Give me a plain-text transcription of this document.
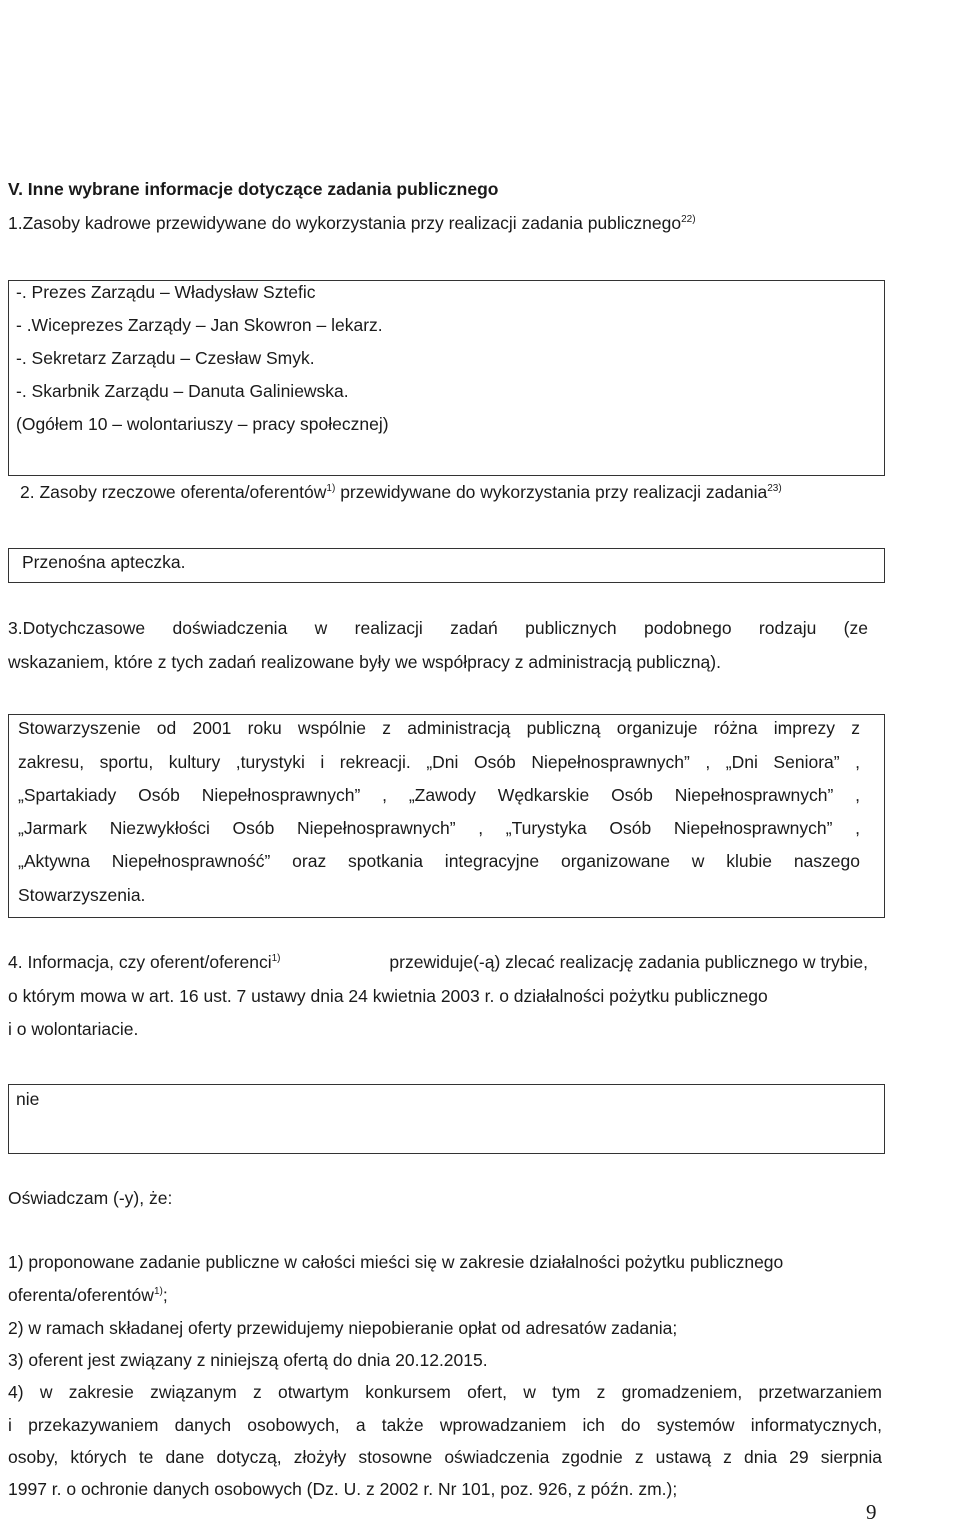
V. Inne wybrane informacje dotyczące zadania publicznego
1.Zasoby kadrowe przewidywane do wykorzystania przy realizacji zadania publicznego$^{22)}$
-. Prezes Zarządu – Władysław Sztefic
- .Wiceprezes Zarządy – Jan Skowron – lekarz.
-. Sekretarz Zarządu – Czesław Smyk.
-. Skarbnik Zarządu – Danuta Galiniewska.
(Ogółem 10 – wolontariuszy – pracy społecznej)
2. Zasoby rzeczowe oferenta/oferentów$^{1)}$ przewidywane do wykorzystania przy realizacji zadania$^{23)}$
Przenośna apteczka.
3.Dotychczasowe doświadczenia w realizacji zadań publicznych podobnego rodzaju (ze
wskazaniem, które z tych zadań realizowane były we współpracy z administracją publiczną).
Stowarzyszenie od 2001 roku wspólnie z administracją publiczną organizuje różna imprezy z
zakresu, sportu, kultury ,turystyki i rekreacji. „Dni Osób Niepełnosprawnych” , „Dni Seniora” ,
„Spartakiady Osób Niepełnosprawnych” , „Zawody Wędkarskie Osób Niepełnosprawnych” ,
„Jarmark Niezwykłości Osób Niepełnosprawnych” , „Turystyka Osób Niepełnosprawnych” ,
„Aktywna Niepełnosprawność” oraz spotkania integracyjne organizowane w klubie naszego
Stowarzyszenia.
4. Informacja, czy oferent/oferenci$^{1)}$	przewiduje(-ą) zlecać realizację zadania publicznego w trybie,
o którym mowa w art. 16 ust. 7 ustawy dnia 24 kwietnia 2003 r. o działalności pożytku publicznego
i o wolontariacie.
nie
Oświadczam (-y), że:
1) proponowane zadanie publiczne w całości mieści się w zakresie działalności pożytku publicznego
oferenta/oferentów$^{1)}$;
2) w ramach składanej oferty przewidujemy niepobieranie opłat od adresatów zadania;
3) oferent jest związany z niniejszą ofertą do dnia 20.12.2015.
4) w zakresie związanym z otwartym konkursem ofert, w tym z gromadzeniem, przetwarzaniem
i przekazywaniem danych osobowych, a także wprowadzaniem ich do systemów informatycznych,
osoby, których te dane dotyczą, złożyły stosowne oświadczenia zgodnie z ustawą z dnia 29 sierpnia
1997 r. o ochronie danych osobowych (Dz. U. z 2002 r. Nr 101, poz. 926, z późn. zm.);
9
